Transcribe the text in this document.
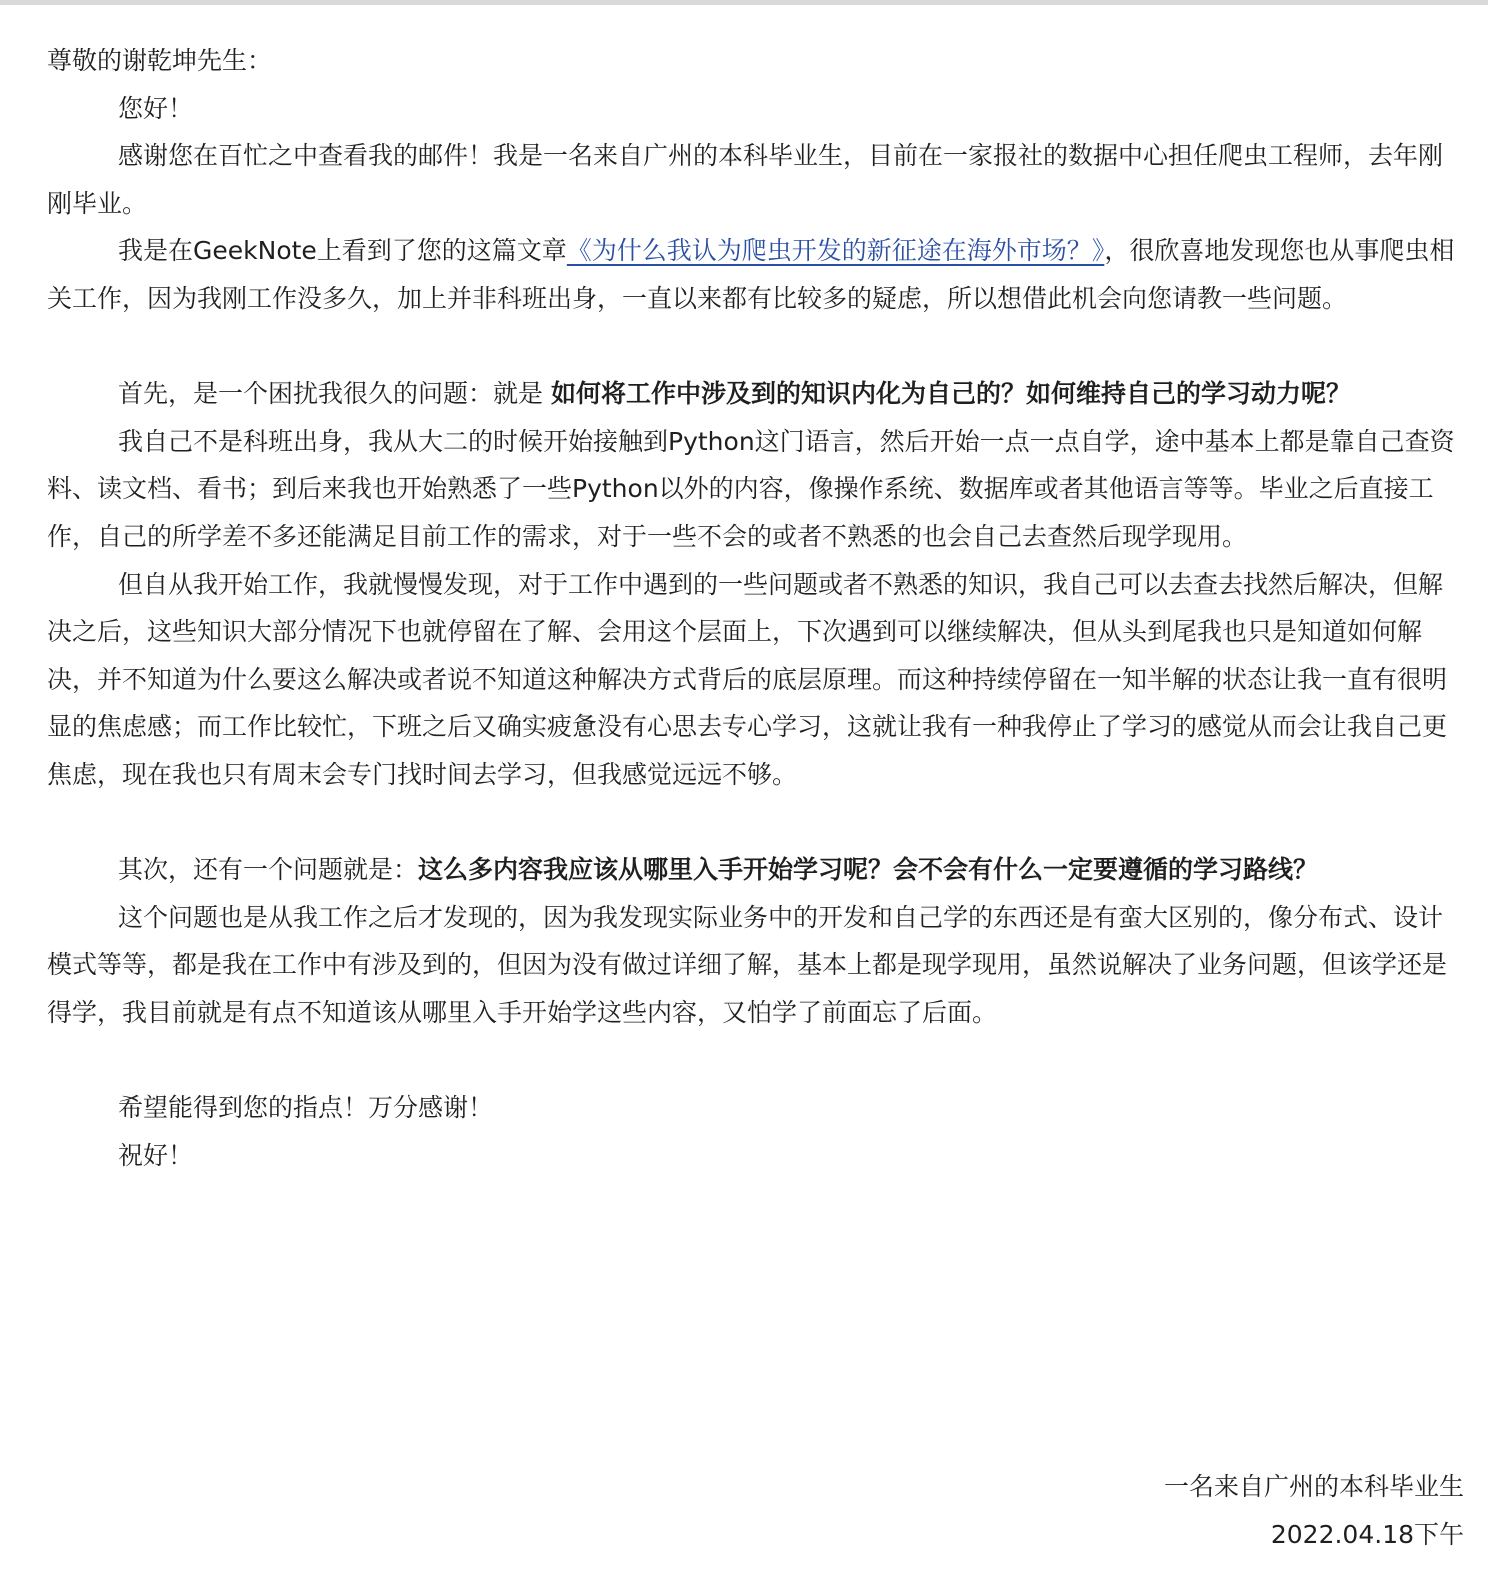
尊敬的谢乾坤先生：

您好！

感谢您在百忙之中查看我的邮件！我是一名来自广州的本科毕业生，目前在一家报社的数据中心担任爬虫工程师，去年刚刚毕业。

我是在GeekNote上看到了您的这篇文章《为什么我认为爬虫开发的新征途在海外市场？》，很欣喜地发现您也从事爬虫相关工作，因为我刚工作没多久，加上并非科班出身，一直以来都有比较多的疑虑，所以想借此机会向您请教一些问题。

首先，是一个困扰我很久的问题：就是 如何将工作中涉及到的知识内化为自己的？如何维持自己的学习动力呢？

我自己不是科班出身，我从大二的时候开始接触到Python这门语言，然后开始一点一点自学，途中基本上都是靠自己查资料、读文档、看书；到后来我也开始熟悉了一些Python以外的内容，像操作系统、数据库或者其他语言等等。毕业之后直接工作，自己的所学差不多还能满足目前工作的需求，对于一些不会的或者不熟悉的也会自己去查然后现学现用。

但自从我开始工作，我就慢慢发现，对于工作中遇到的一些问题或者不熟悉的知识，我自己可以去查去找然后解决，但解决之后，这些知识大部分情况下也就停留在了解、会用这个层面上，下次遇到可以继续解决，但从头到尾我也只是知道如何解决，并不知道为什么要这么解决或者说不知道这种解决方式背后的底层原理。而这种持续停留在一知半解的状态让我一直有很明显的焦虑感；而工作比较忙，下班之后又确实疲惫没有心思去专心学习，这就让我有一种我停止了学习的感觉从而会让我自己更焦虑，现在我也只有周末会专门找时间去学习，但我感觉远远不够。

其次，还有一个问题就是：这么多内容我应该从哪里入手开始学习呢？会不会有什么一定要遵循的学习路线？

这个问题也是从我工作之后才发现的，因为我发现实际业务中的开发和自己学的东西还是有蛮大区别的，像分布式、设计模式等等，都是我在工作中有涉及到的，但因为没有做过详细了解，基本上都是现学现用，虽然说解决了业务问题，但该学还是得学，我目前就是有点不知道该从哪里入手开始学这些内容，又怕学了前面忘了后面。

希望能得到您的指点！万分感谢！

祝好！

一名来自广州的本科毕业生

2022.04.18下午
